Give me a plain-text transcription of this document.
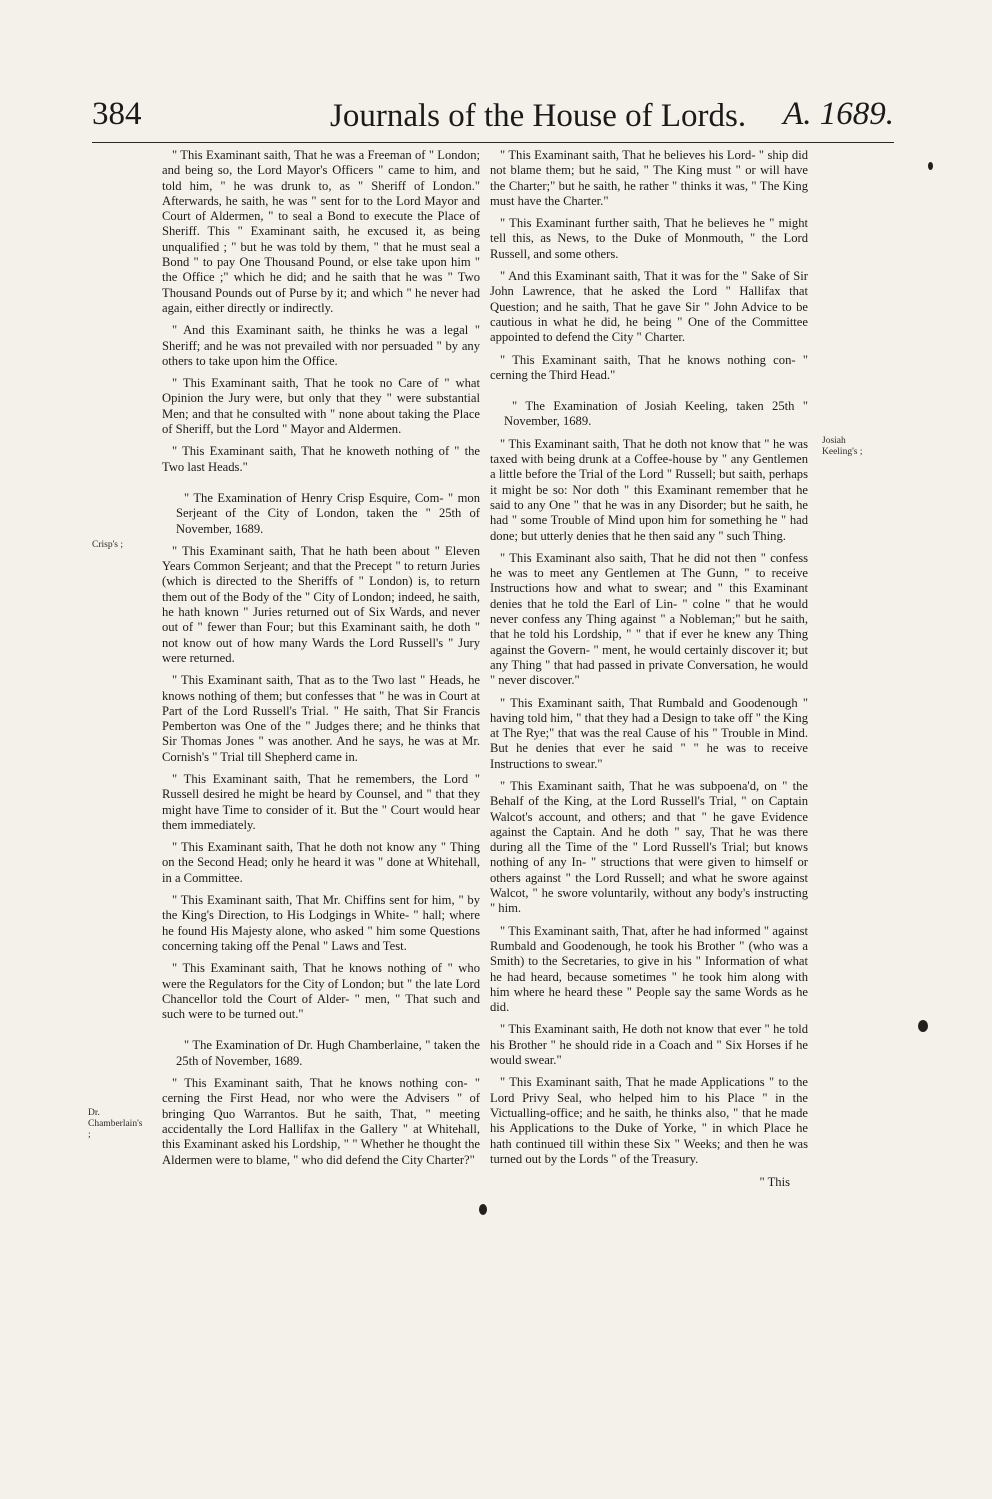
384	Journals of the House of Lords. A. 1689.
Crisp's ;
Dr. Chamberlain's ;
Josiah Keeling's ;

" This Examinant saith, That he was a Freeman of " London; and being so, the Lord Mayor's Officers " came to him, and told him, " he was drunk to, as " Sheriff of London." Afterwards, he saith, he was " sent for to the Lord Mayor and Court of Aldermen, " to seal a Bond to execute the Place of Sheriff. This " Examinant saith, he excused it, as being unqualified ; " but he was told by them, " that he must seal a Bond " to pay One Thousand Pound, or else take upon him " the Office ;" which he did; and he saith that he was " Two Thousand Pounds out of Purse by it; and which " he never had again, either directly or indirectly.

" And this Examinant saith, he thinks he was a legal " Sheriff; and he was not prevailed with nor persuaded " by any others to take upon him the Office.

" This Examinant saith, That he took no Care of " what Opinion the Jury were, but only that they " were substantial Men; and that he consulted with " none about taking the Place of Sheriff, but the Lord " Mayor and Aldermen.

" This Examinant saith, That he knoweth nothing of " the Two last Heads."

" The Examination of Henry Crisp Esquire, Com- " mon Serjeant of the City of London, taken the " 25th of November, 1689.

" This Examinant saith, That he hath been about " Eleven Years Common Serjeant; and that the Precept " to return Juries (which is directed to the Sheriffs of " London) is, to return them out of the Body of the " City of London; indeed, he saith, he hath known " Juries returned out of Six Wards, and never out of " fewer than Four; but this Examinant saith, he doth " not know out of how many Wards the Lord Russell's " Jury were returned.

" This Examinant saith, That as to the Two last " Heads, he knows nothing of them; but confesses that " he was in Court at Part of the Lord Russell's Trial. " He saith, That Sir Francis Pemberton was One of the " Judges there; and he thinks that Sir Thomas Jones " was another. And he says, he was at Mr. Cornish's " Trial till Shepherd came in.

" This Examinant saith, That he remembers, the Lord " Russell desired he might be heard by Counsel, and " that they might have Time to consider of it. But the " Court would hear them immediately.

" This Examinant saith, That he doth not know any " Thing on the Second Head; only he heard it was " done at Whitehall, in a Committee.

" This Examinant saith, That Mr. Chiffins sent for him, " by the King's Direction, to His Lodgings in White- " hall; where he found His Majesty alone, who asked " him some Questions concerning taking off the Penal " Laws and Test.

" This Examinant saith, That he knows nothing of " who were the Regulators for the City of London; but " the late Lord Chancellor told the Court of Alder- " men, " That such and such were to be turned out."

" The Examination of Dr. Hugh Chamberlaine, " taken the 25th of November, 1689.

" This Examinant saith, That he knows nothing con- " cerning the First Head, nor who were the Advisers " of bringing Quo Warrantos. But he saith, That, " meeting accidentally the Lord Hallifax in the Gallery " at Whitehall, this Examinant asked his Lordship, " " Whether he thought the Aldermen were to blame, " who did defend the City Charter?"

" This Examinant saith, That he believes his Lord- " ship did not blame them; but he said, " The King must " or will have the Charter;" but he saith, he rather " thinks it was, " The King must have the Charter."

" This Examinant further saith, That he believes he " might tell this, as News, to the Duke of Monmouth, " the Lord Russell, and some others.

" And this Examinant saith, That it was for the " Sake of Sir John Lawrence, that he asked the Lord " Hallifax that Question; and he saith, That he gave Sir " John Advice to be cautious in what he did, he being " One of the Committee appointed to defend the City " Charter.

" This Examinant saith, That he knows nothing con- " cerning the Third Head."

" The Examination of Josiah Keeling, taken 25th " November, 1689.

" This Examinant saith, That he doth not know that " he was taxed with being drunk at a Coffee-house by " any Gentlemen a little before the Trial of the Lord " Russell; but saith, perhaps it might be so: Nor doth " this Examinant remember that he said to any One " that he was in any Disorder; but he saith, he had " some Trouble of Mind upon him for something he " had done; but utterly denies that he then said any " such Thing.

" This Examinant also saith, That he did not then " confess he was to meet any Gentlemen at The Gunn, " to receive Instructions how and what to swear; and " this Examinant denies that he told the Earl of Lin- " colne " that he would never confess any Thing against " a Nobleman;" but he saith, that he told his Lordship, " " that if ever he knew any Thing against the Govern- " ment, he would certainly discover it; but any Thing " that had passed in private Conversation, he would " never discover."

" This Examinant saith, That Rumbald and Goodenough " having told him, " that they had a Design to take off " the King at The Rye;" that was the real Cause of his " Trouble in Mind. But he denies that ever he said " " he was to receive Instructions to swear."

" This Examinant saith, That he was subpoena'd, on " the Behalf of the King, at the Lord Russell's Trial, " on Captain Walcot's account, and others; and that " he gave Evidence against the Captain. And he doth " say, That he was there during all the Time of the " Lord Russell's Trial; but knows nothing of any In- " structions that were given to himself or others against " the Lord Russell; and what he swore against Walcot, " he swore voluntarily, without any body's instructing " him.

" This Examinant saith, That, after he had informed " against Rumbald and Goodenough, he took his Brother " (who was a Smith) to the Secretaries, to give in his " Information of what he had heard, because sometimes " he took him along with him where he heard these " People say the same Words as he did.

" This Examinant saith, He doth not know that ever " he told his Brother " he should ride in a Coach and " Six Horses if he would swear."

" This Examinant saith, That he made Applications " to the Lord Privy Seal, who helped him to his Place " in the Victualling-office; and he saith, he thinks also, " that he made his Applications to the Duke of Yorke, " in which Place he hath continued till within these Six " Weeks; and then he was turned out by the Lords " of the Treasury.

" This
